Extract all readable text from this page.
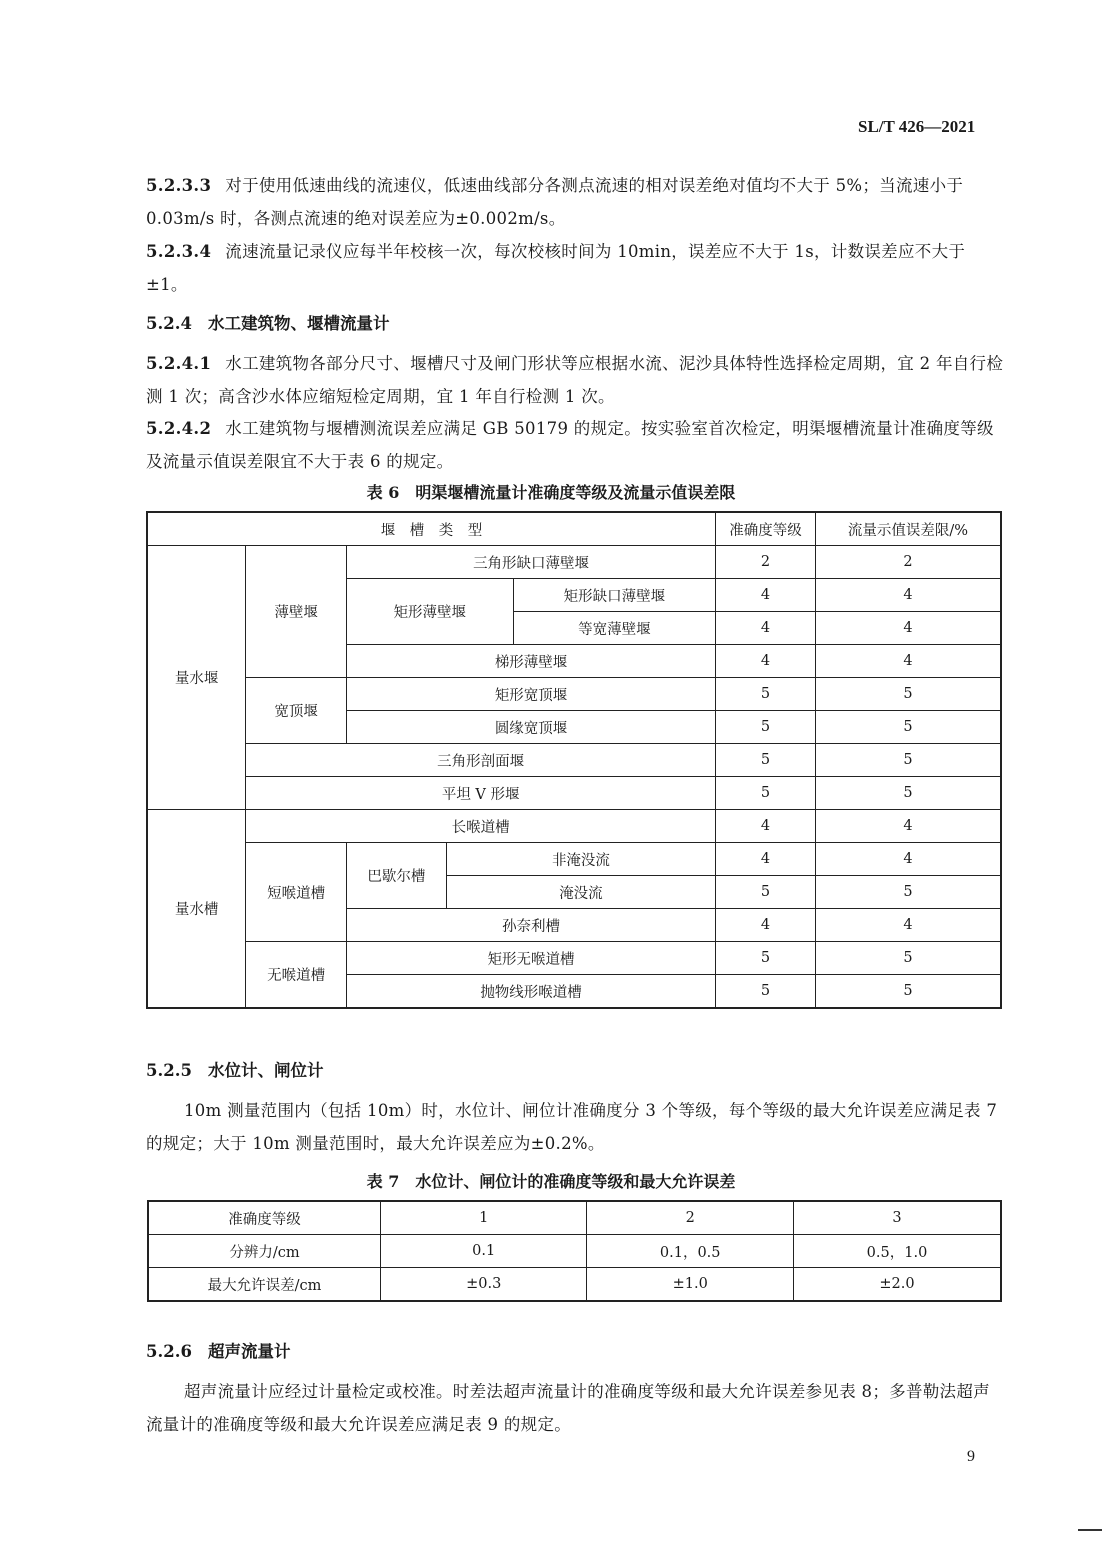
SL/T 426—2021
5.2.3.3 对于使用低速曲线的流速仪，低速曲线部分各测点流速的相对误差绝对值均不大于 5%；当流速小于 0.03m/s 时，各测点流速的绝对误差应为±0.002m/s。
5.2.3.4 流速流量记录仪应每半年校核一次，每次校核时间为 10min，误差应不大于 1s，计数误差应不大于±1。
5.2.4 水工建筑物、堰槽流量计
5.2.4.1 水工建筑物各部分尺寸、堰槽尺寸及闸门形状等应根据水流、泥沙具体特性选择检定周期，宜 2 年自行检测 1 次；高含沙水体应缩短检定周期，宜 1 年自行检测 1 次。
5.2.4.2 水工建筑物与堰槽测流误差应满足 GB 50179 的规定。按实验室首次检定，明渠堰槽流量计准确度等级及流量示值误差限宜不大于表 6 的规定。
表 6　明渠堰槽流量计准确度等级及流量示值误差限
堰　槽　类　型					准确度等级	流量示值误差限/%
量水堰	薄壁堰	三角形缺口薄壁堰			2	2
		矩形薄壁堰		矩形缺口薄壁堰	4	4
				等宽薄壁堰	4	4
		梯形薄壁堰			4	4
	宽顶堰	矩形宽顶堰			5	5
		圆缘宽顶堰			5	5
	三角形剖面堰				5	5
	平坦 V 形堰				5	5
量水槽	长喉道槽				4	4
	短喉道槽	巴歇尔槽	非淹没流		4	4
			淹没流		5	5
		孙奈利槽			4	4
	无喉道槽	矩形无喉道槽			5	5
		抛物线形喉道槽			5	5
5.2.5 水位计、闸位计
10m 测量范围内（包括 10m）时，水位计、闸位计准确度分 3 个等级，每个等级的最大允许误差应满足表 7 的规定；大于 10m 测量范围时，最大允许误差应为±0.2%。
表 7　水位计、闸位计的准确度等级和最大允许误差
准确度等级	1	2	3
分辨力/cm	0.1	0.1，0.5	0.5，1.0
最大允许误差/cm	±0.3	±1.0	±2.0
5.2.6 超声流量计
超声流量计应经过计量检定或校准。时差法超声流量计的准确度等级和最大允许误差参见表 8；多普勒法超声流量计的准确度等级和最大允许误差应满足表 9 的规定。
9
